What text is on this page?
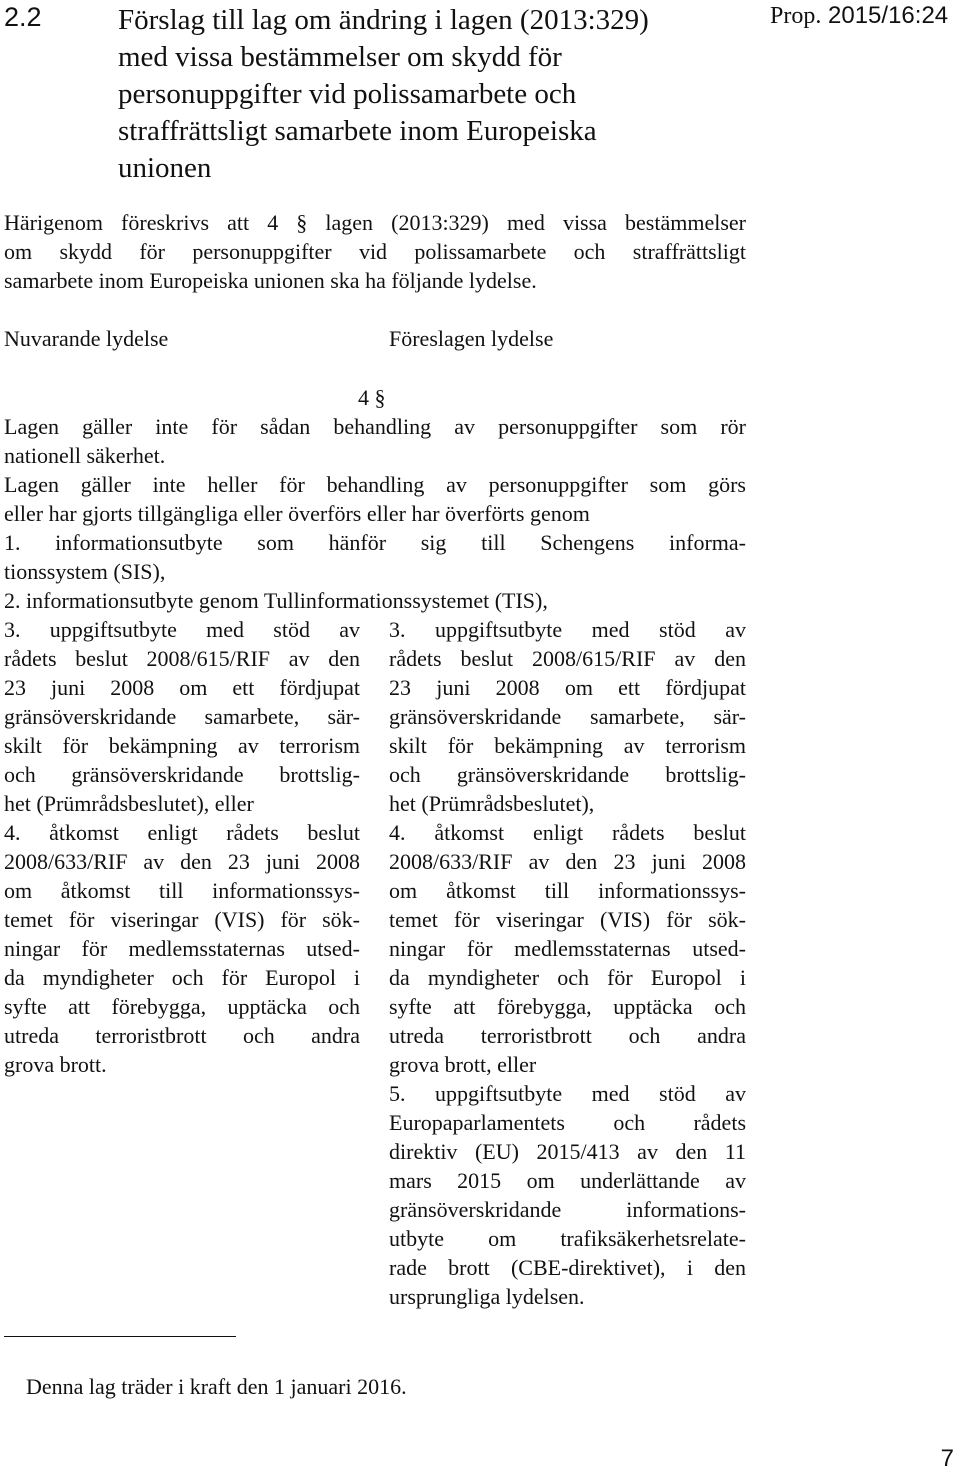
2.2	Förslag till lag om ändring i lagen (2013:329)
med vissa bestämmelser om skydd för
personuppgifter vid polissamarbete och
straffrättsligt samarbete inom Europeiska
unionen
Prop. 2015/16:24
Härigenom föreskrivs att 4 § lagen (2013:329) med vissa bestämmelser
om skydd för personuppgifter vid polissamarbete och straffrättsligt
samarbete inom Europeiska unionen ska ha följande lydelse.
Nuvarande lydelse	Föreslagen lydelse
4 §
Lagen gäller inte för sådan behandling av personuppgifter som rör
nationell säkerhet.
Lagen gäller inte heller för behandling av personuppgifter som görs
eller har gjorts tillgängliga eller överförs eller har överförts genom
1. informationsutbyte som hänför sig till Schengens informa-
tionssystem (SIS),
2. informationsutbyte genom Tullinformationssystemet (TIS),
3. uppgiftsutbyte med stöd av
rådets beslut 2008/615/RIF av den
23 juni 2008 om ett fördjupat
gränsöverskridande samarbete, sär-
skilt för bekämpning av terrorism
och gränsöverskridande brottslig-
het (Prümrådsbeslutet), eller
4. åtkomst enligt rådets beslut
2008/633/RIF av den 23 juni 2008
om åtkomst till informationssys-
temet för viseringar (VIS) för sök-
ningar för medlemsstaternas utsed-
da myndigheter och för Europol i
syfte att förebygga, upptäcka och
utreda terroristbrott och andra
grova brott.
3. uppgiftsutbyte med stöd av
rådets beslut 2008/615/RIF av den
23 juni 2008 om ett fördjupat
gränsöverskridande samarbete, sär-
skilt för bekämpning av terrorism
och gränsöverskridande brottslig-
het (Prümrådsbeslutet),
4. åtkomst enligt rådets beslut
2008/633/RIF av den 23 juni 2008
om åtkomst till informationssys-
temet för viseringar (VIS) för sök-
ningar för medlemsstaternas utsed-
da myndigheter och för Europol i
syfte att förebygga, upptäcka och
utreda terroristbrott och andra
grova brott, eller
5. uppgiftsutbyte med stöd av
Europaparlamentets och rådets
direktiv (EU) 2015/413 av den 11
mars 2015 om underlättande av
gränsöverskridande informations-
utbyte om trafiksäkerhetsrelate-
rade brott (CBE-direktivet), i den
ursprungliga lydelsen.
Denna lag träder i kraft den 1 januari 2016.
7
